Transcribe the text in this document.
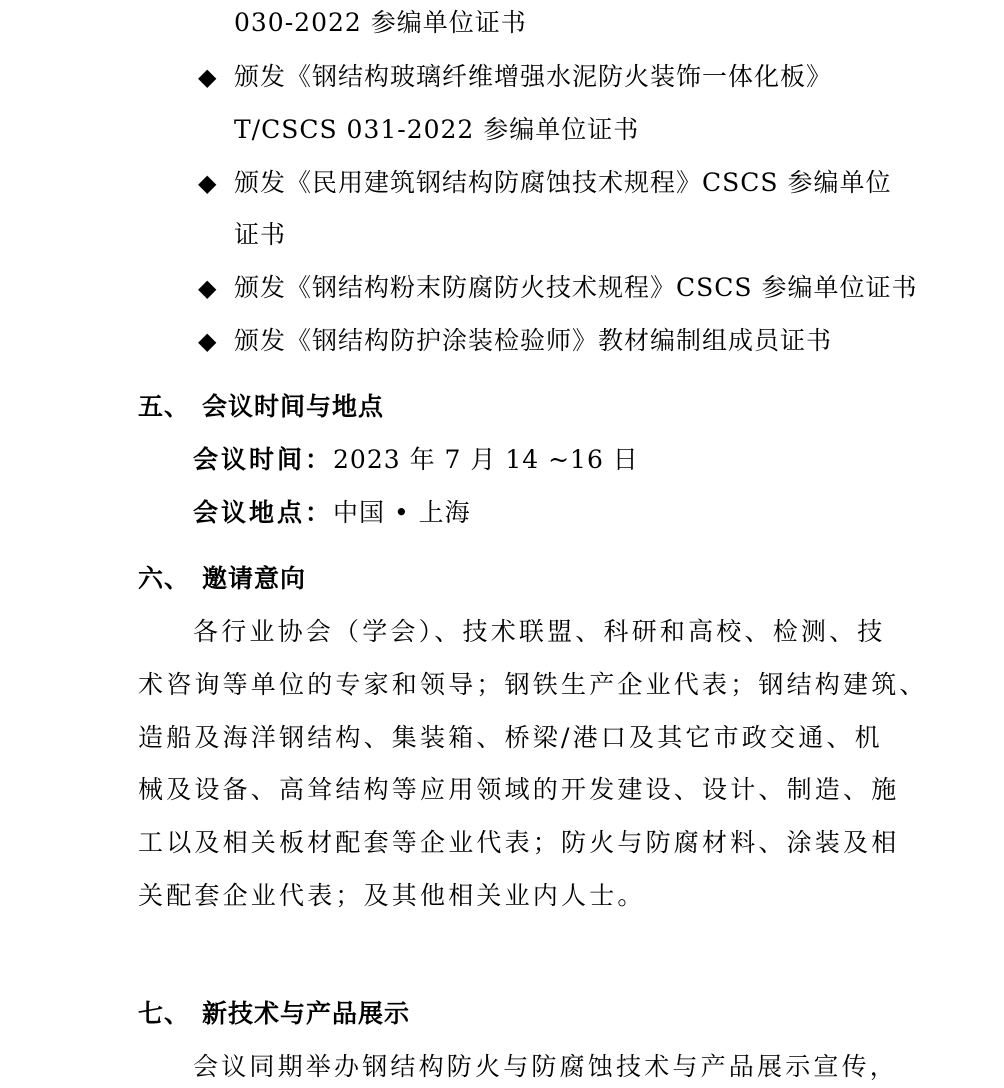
030-2022 参编单位证书
◆ 颁发《钢结构玻璃纤维增强水泥防火装饰一体化板》
T/CSCS 031-2022 参编单位证书
◆ 颁发《民用建筑钢结构防腐蚀技术规程》CSCS 参编单位
证书
◆ 颁发《钢结构粉末防腐防火技术规程》CSCS 参编单位证书
◆ 颁发《钢结构防护涂装检验师》教材编制组成员证书
五、 会议时间与地点
会议时间：2023 年 7 月 14 ~16 日
会议地点：中国 • 上海
六、 邀请意向
各行业协会（学会）、技术联盟、科研和高校、检测、技
术咨询等单位的专家和领导；钢铁生产企业代表；钢结构建筑、
造船及海洋钢结构、集装箱、桥梁/港口及其它市政交通、机
械及设备、高耸结构等应用领域的开发建设、设计、制造、施
工以及相关板材配套等企业代表；防火与防腐材料、涂装及相
关配套企业代表；及其他相关业内人士。
七、 新技术与产品展示
会议同期举办钢结构防火与防腐蚀技术与产品展示宣传，
